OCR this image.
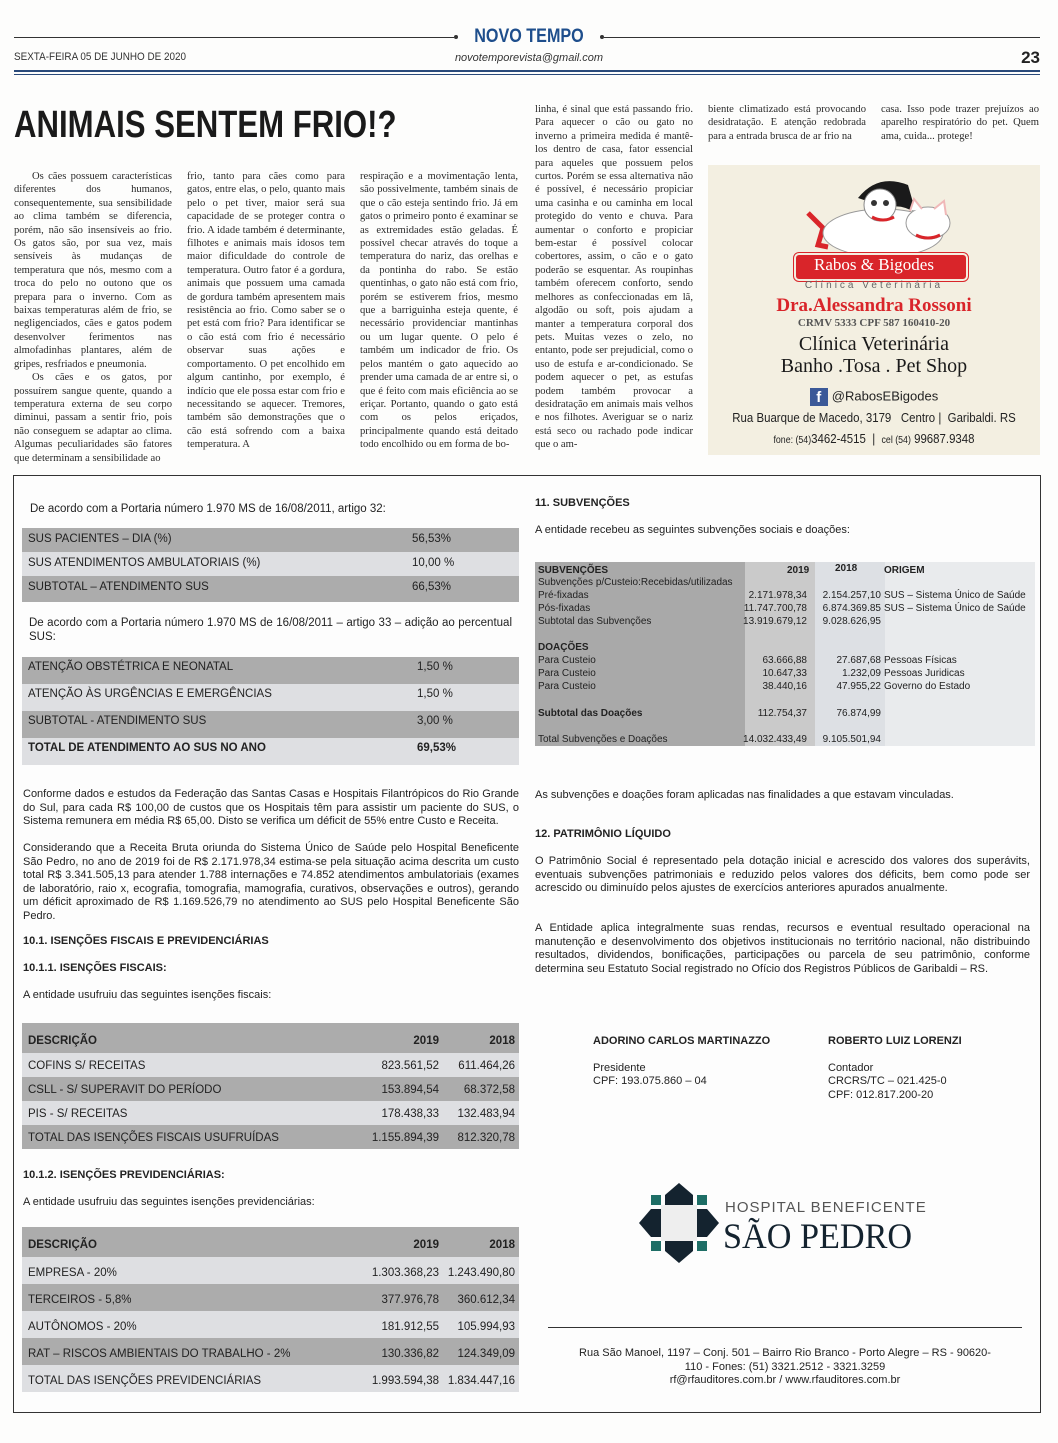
NOVO TEMPO
novotemporevista@gmail.com
SEXTA-FEIRA 05 DE JUNHO DE 2020	23
ANIMAIS SENTEM FRIO!?

Os cães possuem características diferentes dos humanos, consequentemente, sua sensibilidade ao clima também se diferencia, porém, não são insensíveis ao frio. Os gatos são, por sua vez, mais sensíveis às mudanças de temperatura que nós, mesmo com a troca do pelo no outono que os prepara para o inverno. Com as baixas temperaturas além de frio, se negligenciados, cães e gatos podem desenvolver ferimentos nas almofadinhas plantares, além de gripes, resfriados e pneumonia.

Os cães e os gatos, por possuírem sangue quente, quando a temperatura externa de seu corpo diminui, passam a sentir frio, pois não conseguem se adaptar ao clima. Algumas peculiaridades são fatores que determinam a sensibilidade ao

frio, tanto para cães como para gatos, entre elas, o pelo, quanto mais pelo o pet tiver, maior será sua capacidade de se proteger contra o frio. A idade também é determinante, filhotes e animais mais idosos tem maior dificuldade do controle de temperatura. Outro fator é a gordura, animais que possuem uma camada de gordura também apresentem mais resistência ao frio. Como saber se o pet está com frio? Para identificar se o cão está com frio é necessário observar suas ações e comportamento. O pet encolhido em algum cantinho, por exemplo, é indício que ele possa estar com frio e necessitando se aquecer. Tremores, também são demonstrações que o cão está sofrendo com a baixa temperatura. A

respiração e a movimentação lenta, são possivelmente, também sinais de que o cão esteja sentindo frio. Já em gatos o primeiro ponto é examinar se as extremidades estão geladas. É possível checar através do toque a temperatura do nariz, das orelhas e da pontinha do rabo. Se estão quentinhas, o gato não está com frio, porém se estiverem frios, mesmo que a barriguinha esteja quente, é necessário providenciar mantinhas ou um lugar quente. O pelo é também um indicador de frio. Os pelos mantém o gato aquecido ao prender uma camada de ar entre si, o que é feito com mais eficiência ao se eriçar. Portanto, quando o gato está com os pelos eriçados, principalmente quando está deitado todo encolhido ou em forma de bo-

linha, é sinal que está passando frio. Para aquecer o cão ou gato no inverno a primeira medida é mantê-los dentro de casa, fator essencial para aqueles que possuem pelos curtos. Porém se essa alternativa não é possível, é necessário propiciar uma casinha e ou caminha em local protegido do vento e chuva. Para aumentar o conforto e propiciar bem-estar é possível colocar cobertores, assim, o cão e o gato poderão se esquentar. As roupinhas também oferecem conforto, sendo melhores as confeccionadas em lã, algodão ou soft, pois ajudam a manter a temperatura corporal dos pets. Muitas vezes o zelo, no entanto, pode ser prejudicial, como o uso de estufa e ar-condicionado. Se podem aquecer o pet, as estufas podem também provocar a desidratação em animais mais velhos e nos filhotes. Averiguar se o nariz está seco ou rachado pode indicar que o am-

biente climatizado está provocando desidratação. E atenção redobrada para a entrada brusca de ar frio na

casa. Isso pode trazer prejuízos ao aparelho respiratório do pet. Quem ama, cuida... protege!

Rabos & Bigodes
Clínica Veterinária
Dra.Alessandra Rossoni
CRMV 5333 CPF 587 160410-20
Clínica Veterinária
Banho .Tosa . Pet Shop
f @RabosEBigodes
Rua Buarque de Macedo, 3179   Centro |  Garibaldi. RS
fone: (54)3462-4515  |  cel (54) 99687.9348
De acordo com a Portaria número 1.970 MS de 16/08/2011, artigo 32:
SUS PACIENTES – DIA (%)	56,53%
SUS ATENDIMENTOS AMBULATORIAIS (%)	10,00 %
SUBTOTAL – ATENDIMENTO SUS	66,53%
De acordo com a Portaria número 1.970 MS de 16/08/2011 – artigo 33 – adição ao percentual SUS:
ATENÇÃO OBSTÉTRICA E NEONATAL	1,50 %
ATENÇÃO ÀS URGÊNCIAS E EMERGÊNCIAS	1,50 %
SUBTOTAL - ATENDIMENTO SUS	3,00 %
TOTAL DE ATENDIMENTO AO SUS NO ANO	69,53%
Conforme dados e estudos da Federação das Santas Casas e Hospitais Filantrópicos do Rio Grande do Sul, para cada R$ 100,00 de custos que os Hospitais têm para assistir um paciente do SUS, o Sistema remunera em média R$ 65,00. Disto se verifica um déficit de 55% entre Custo e Receita.
Considerando que a Receita Bruta oriunda do Sistema Único de Saúde pelo Hospital Beneficente São Pedro, no ano de 2019 foi de R$ 2.171.978,34 estima-se pela situação acima descrita um custo total R$ 3.341.505,13 para atender 1.788 internações e 74.852 atendimentos ambulatoriais (exames de laboratório, raio x, ecografia, tomografia, mamografia, curativos, observações e outros), gerando um déficit aproximado de R$ 1.169.526,79 no atendimento ao SUS pelo Hospital Beneficente São Pedro.
10.1. ISENÇÕES FISCAIS E PREVIDENCIÁRIAS
10.1.1. ISENÇÕES FISCAIS:
A entidade usufruiu das seguintes isenções fiscais:
DESCRIÇÃO	2019	2018
COFINS S/ RECEITAS	823.561,52 611.464,26
CSLL - S/ SUPERAVIT DO PERÍODO	153.894,54 68.372,58
PIS - S/ RECEITAS	178.438,33 132.483,94
TOTAL DAS ISENÇÕES FISCAIS USUFRUÍDAS	1.155.894,39 812.320,78
10.1.2. ISENÇÕES PREVIDENCIÁRIAS:
A entidade usufruiu das seguintes isenções previdenciárias:
DESCRIÇÃO	2019	2018
EMPRESA - 20%	1.303.368,23 1.243.490,80
TERCEIROS - 5,8%	377.976,78 360.612,34
AUTÔNOMOS - 20%	181.912,55 105.994,93
RAT – RISCOS AMBIENTAIS DO TRABALHO - 2%	130.336,82 124.349,09
TOTAL DAS ISENÇÕES PREVIDENCIÁRIAS	1.993.594,38 1.834.447,16
11. SUBVENÇÕES
A entidade recebeu as seguintes subvenções sociais e doações:
SUBVENÇÕES	2019	2018	ORIGEM
Subvenções p/Custeio:Recebidas/utilizadas
Pré-fixadas	2.171.978,34 2.154.257,10 SUS – Sistema Único de Saúde
Pós-fixadas	11.747.700,78 6.874.369.85 SUS – Sistema Único de Saúde
Subtotal das Subvenções	13.919.679,12 9.028.626,95
DOAÇÕES
Para Custeio	63.666,88	27.687,68 Pessoas Físicas
Para Custeio	10.647,33	1.232,09 Pessoas Juridicas
Para Custeio	38.440,16	47.955,22 Governo do Estado
Subtotal das Doações	112.754,37	76.874,99
Total Subvenções e Doações	14.032.433,49 9.105.501,94
As subvenções e doações foram aplicadas nas finalidades a que estavam vinculadas.
12. PATRIMÔNIO LÍQUIDO
O Patrimônio Social é representado pela dotação inicial e acrescido dos valores dos superávits, eventuais subvenções patrimoniais e reduzido pelos valores dos déficits, bem como pode ser acrescido ou diminuído pelos ajustes de exercícios anteriores apurados anualmente.
A Entidade aplica integralmente suas rendas, recursos e eventual resultado operacional na manutenção e desenvolvimento dos objetivos institucionais no território nacional, não distribuindo resultados, dividendos, bonificações, participações ou parcela de seu patrimônio, conforme determina seu Estatuto Social registrado no Ofício dos Registros Públicos de Garibaldi – RS.
ADORINO CARLOS MARTINAZZO
Presidente
CPF: 193.075.860 – 04
ROBERTO LUIZ LORENZI
Contador
CRCRS/TC – 021.425-0
CPF: 012.817.200-20
HOSPITAL BENEFICENTE
SÃO PEDRO
Rua São Manoel, 1197 – Conj. 501 – Bairro Rio Branco - Porto Alegre – RS - 90620-
110 - Fones: (51) 3321.2512 - 3321.3259
rf@rfauditores.com.br / www.rfauditores.com.br
